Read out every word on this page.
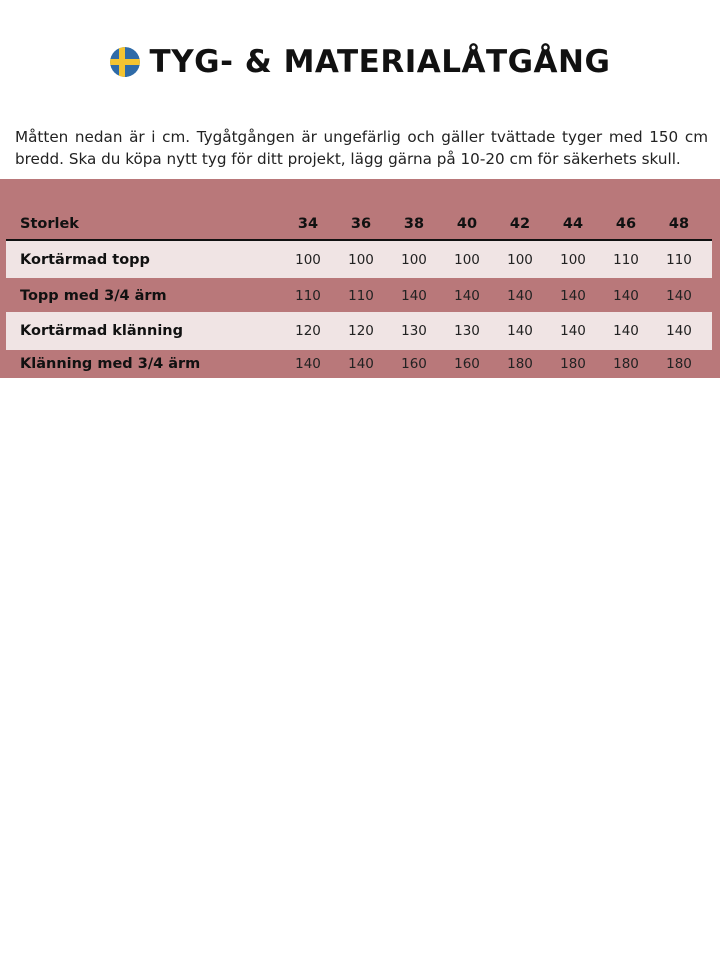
TYG- & MATERIALÅTGÅNG

Måtten nedan är i cm. Tygåtgången är ungefärlig och gäller tvättade tyger med 150 cm bredd. Ska du köpa nytt tyg för ditt projekt, lägg gärna på 10-20 cm för säkerhets skull.

Storlek	34	36	38	40	42	44	46	48
Kortärmad topp	100	100	100	100	100	100	110	110
Topp med 3/4 ärm	110	110	140	140	140	140	140	140
Kortärmad klänning	120	120	130	130	140	140	140	140
Klänning med 3/4 ärm	140	140	160	160	180	180	180	180
